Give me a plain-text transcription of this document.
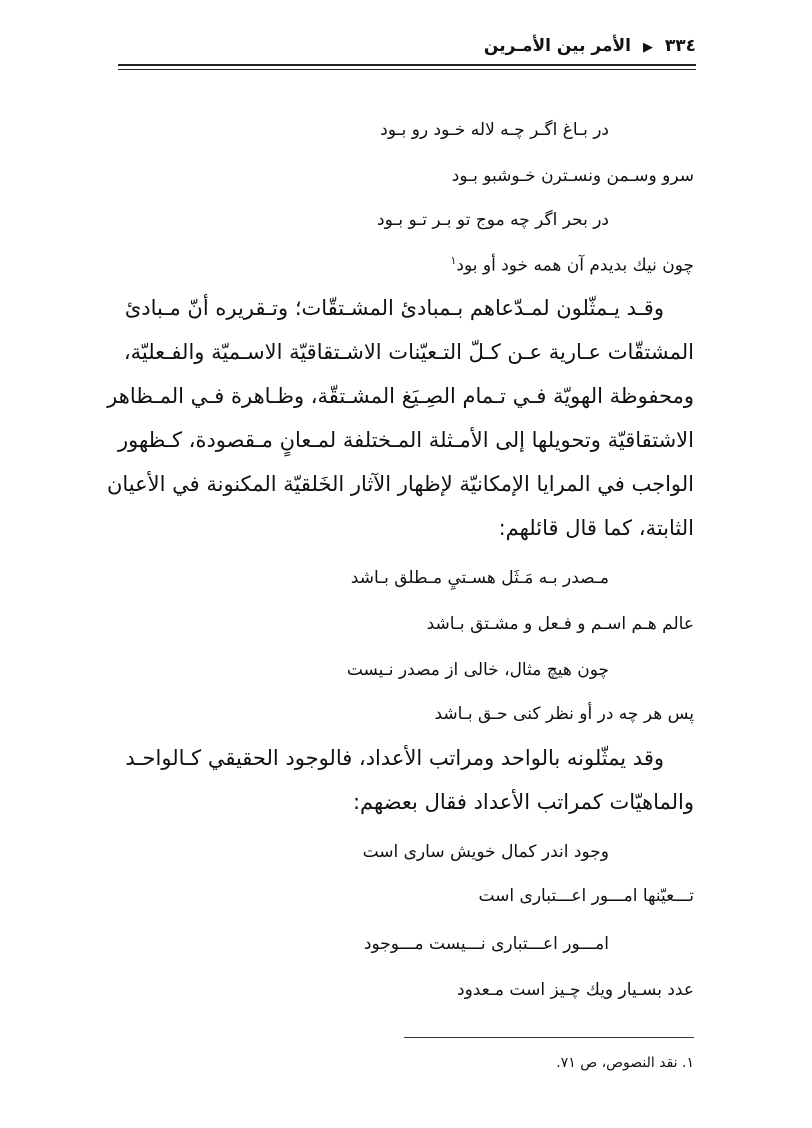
٣٣٤ ▶ الأمر بين الأمـرين
در بـاغ اگـر چـه لاله خـود رو بـود
سرو وسـمن ونسـترن خـوشبو بـود
در بحر اگر چه موج تو بـر تـو بـود
چون نيك بديدم آن همه خود أو بود$^١$
وقـد يـمثّلون لمـدّعاهم بـمبادئ المشـتقّات؛ وتـقريره أنّ مـبادئ
المشتقّات عـارية عـن كـلّ التـعيّنات الاشـتقاقيّة الاسـميّة والفـعليّة،
ومحفوظة الهويّة فـي تـمام الصِـيَغ المشـتقّة، وظـاهرة فـي المـظاهر
الاشتقاقيّة وتحويلها إلى الأمـثلة المـختلفة لمـعانٍ مـقصودة، كـظهور
الواجب في المرايا الإمكانيّة لإظهار الآثار الخَلقيّة المكنونة في الأعيان
الثابتة، كما قال قائلهم:
مـصدر بـه مَـثَل هسـتيِ مـطلق بـاشد
عالم هـم اسـم و فـعل و مشـتق بـاشد
چون هيچ مثال، خالى از مصدر نـيست
پس هر چه در أو نظر كنى حـق بـاشد
وقد يمثّلونه بالواحد ومراتب الأعداد، فالوجود الحقيقي كـالواحـد
والماهيّات كمراتب الأعداد فقال بعضهم:
وجود اندر كمال خويش سارى است
تـــعيّنها امـــور اعـــتبارى است
امـــور اعـــتبارى نـــيست مـــوجود
عدد بسـيار ويك چـيز است مـعدود
١. نقد النصوص، ص ٧١.
